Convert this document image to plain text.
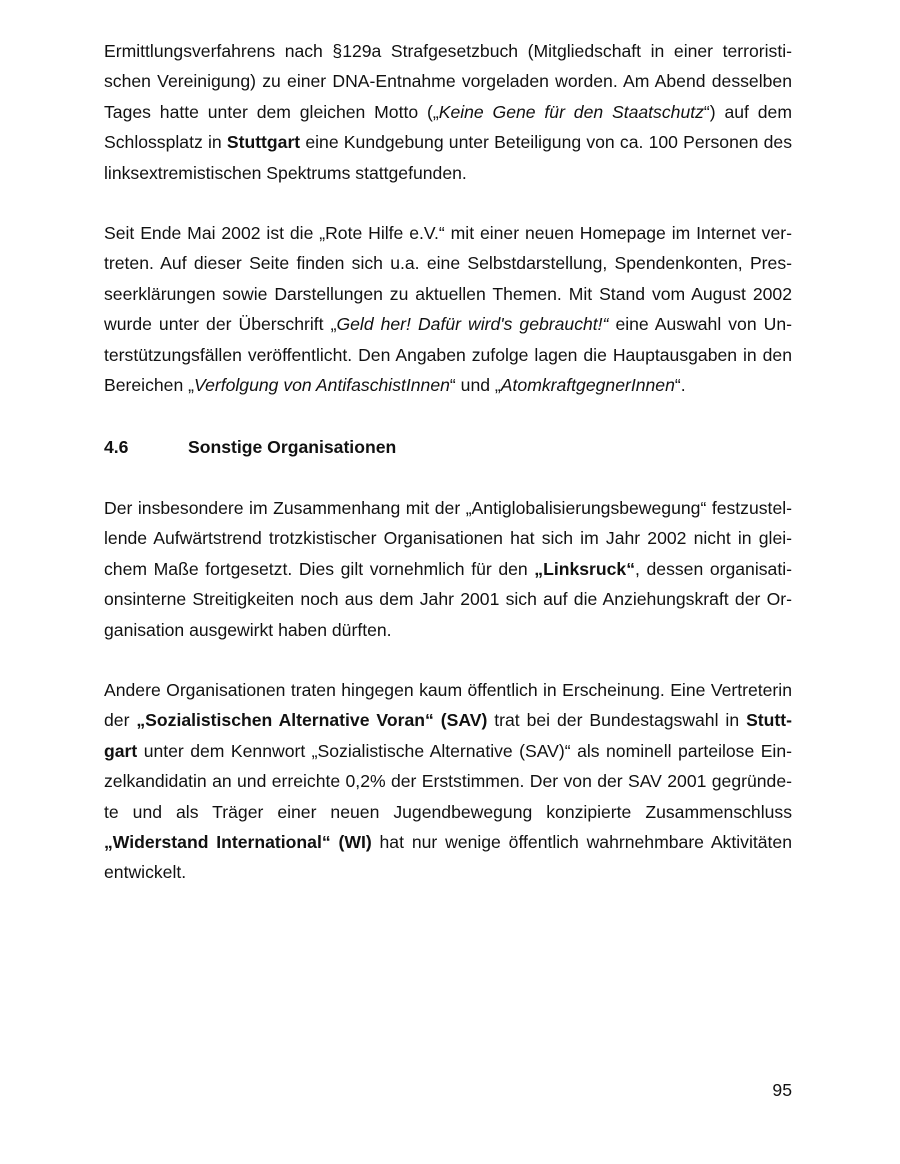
Ermittlungsverfahrens nach §129a Strafgesetzbuch (Mitgliedschaft in einer terroristischen Vereinigung) zu einer DNA-Entnahme vorgeladen worden. Am Abend desselben Tages hatte unter dem gleichen Motto („Keine Gene für den Staatschutz“) auf dem Schlossplatz in Stuttgart eine Kundgebung unter Beteiligung von ca. 100 Personen des linksextremistischen Spektrums stattgefunden.

Seit Ende Mai 2002 ist die „Rote Hilfe e.V.“ mit einer neuen Homepage im Internet vertreten. Auf dieser Seite finden sich u.a. eine Selbstdarstellung, Spendenkonten, Presseerklärungen sowie Darstellungen zu aktuellen Themen. Mit Stand vom August 2002 wurde unter der Überschrift „Geld her! Dafür wird's gebraucht!“ eine Auswahl von Unterstützungsfällen veröffentlicht. Den Angaben zufolge lagen die Hauptausgaben in den Bereichen „Verfolgung von AntifaschistInnen“ und „AtomkraftgegnerInnen“.

4.6	Sonstige Organisationen

Der insbesondere im Zusammenhang mit der „Antiglobalisierungsbewegung“ festzustellende Aufwärtstrend trotzkistischer Organisationen hat sich im Jahr 2002 nicht in gleichem Maße fortgesetzt. Dies gilt vornehmlich für den „Linksruck“, dessen organisationsinterne Streitigkeiten noch aus dem Jahr 2001 sich auf die Anziehungskraft der Organisation ausgewirkt haben dürften.

Andere Organisationen traten hingegen kaum öffentlich in Erscheinung. Eine Vertreterin der „Sozialistischen Alternative Voran“ (SAV) trat bei der Bundestagswahl in Stuttgart unter dem Kennwort „Sozialistische Alternative (SAV)“ als nominell parteilose Einzelkandidatin an und erreichte 0,2% der Erststimmen. Der von der SAV 2001 gegründete und als Träger einer neuen Jugendbewegung konzipierte Zusammenschluss „Widerstand International“ (WI) hat nur wenige öffentlich wahrnehmbare Aktivitäten entwickelt.

95
